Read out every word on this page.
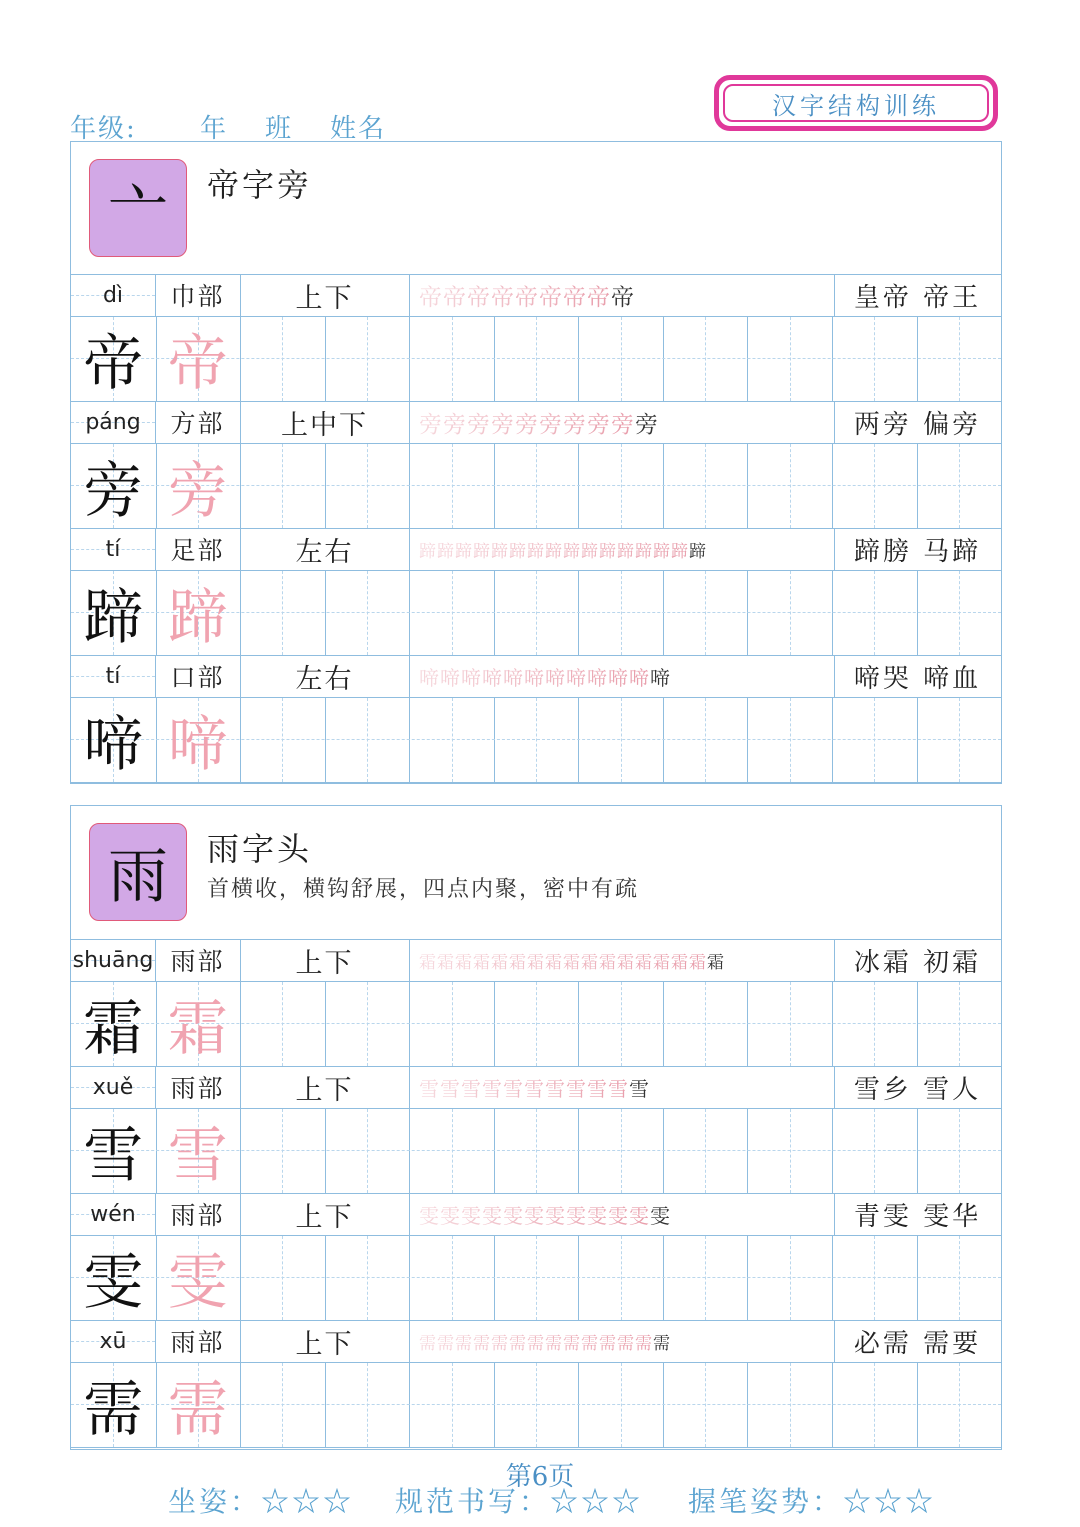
年级: 年 班 姓名
汉字结构训练
亠 帝字旁
dì	巾部	上下	帝 帝 帝 帝 帝 帝 帝 帝 帝	皇帝 帝王
帝 帝
páng	方部	上中下	旁 旁 旁 旁 旁 旁 旁 旁 旁 旁	两旁 偏旁
旁 旁
tí	足部	左右	蹄 蹄 蹄 蹄 蹄 蹄 蹄 蹄 蹄 蹄 蹄 蹄 蹄 蹄 蹄 蹄	蹄膀 马蹄
蹄 蹄
tí	口部	左右	啼 啼 啼 啼 啼 啼 啼 啼 啼 啼 啼 啼	啼哭 啼血
啼 啼
雨 雨字头
首横收，横钩舒展，四点内聚，密中有疏
shuāng 雨部	上下	霜 霜 霜 霜 霜 霜 霜 霜 霜 霜 霜 霜 霜 霜 霜 霜 霜	冰霜 初霜
霜 霜
xuě	雨部	上下	雪 雪 雪 雪 雪 雪 雪 雪 雪 雪 雪	雪乡 雪人
雪 雪
wén	雨部	上下	雯 雯 雯 雯 雯 雯 雯 雯 雯 雯 雯 雯	青雯 雯华
雯 雯
xū	雨部	上下	需 需 需 需 需 需 需 需 需 需 需 需 需 需	必需 需要
需 需
第6页
坐姿：☆☆☆ 规范书写：☆☆☆ 握笔姿势：☆☆☆
